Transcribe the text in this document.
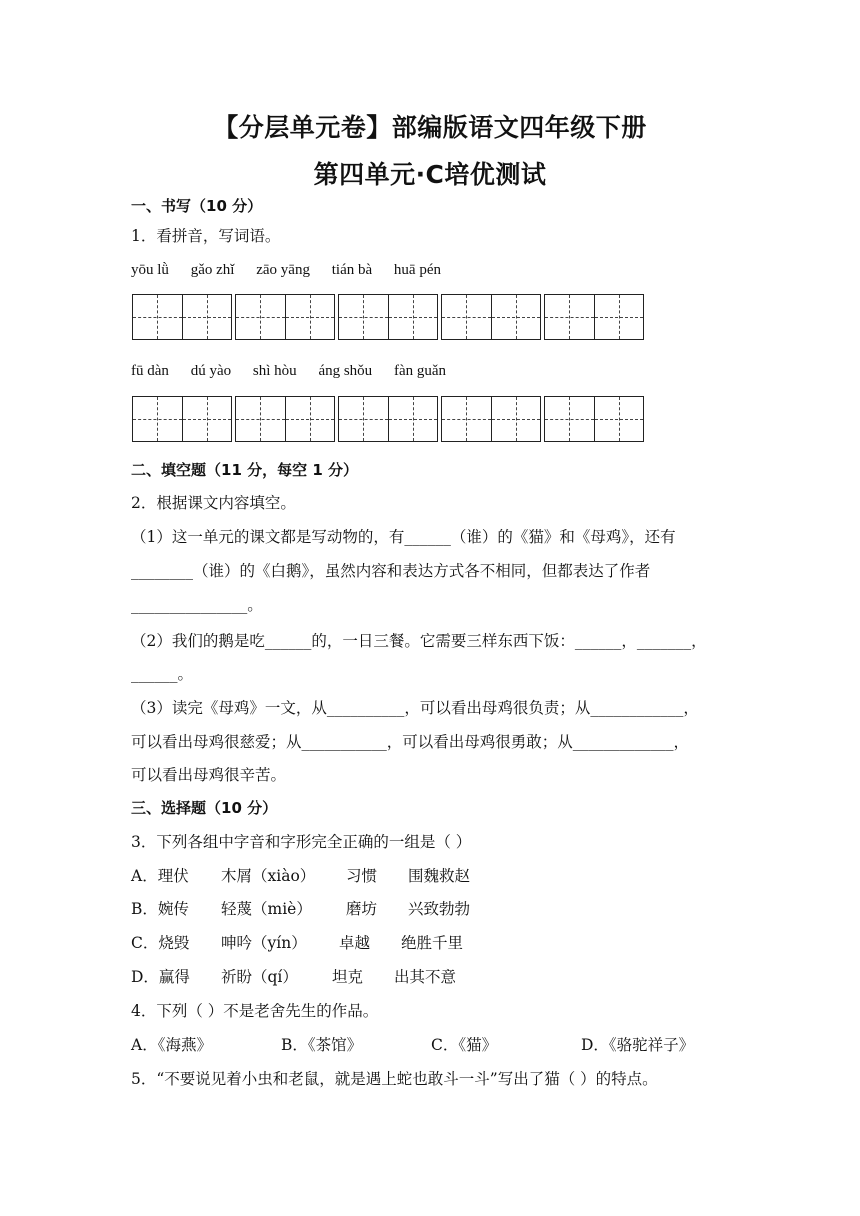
【分层单元卷】部编版语文四年级下册
第四单元·C培优测试
一、书写（10 分）
1．看拼音，写词语。
yōu lǜ gǎo zhǐ zāo yāng tián bà huā pén
fū dàn dú yào shì hòu áng shǒu fàn guǎn
二、填空题（11 分，每空 1 分）
2．根据课文内容填空。
（1）这一单元的课文都是写动物的，有______（谁）的《猫》和《母鸡》，还有
________（谁）的《白鹅》，虽然内容和表达方式各不相同，但都表达了作者
_______________。
（2）我们的鹅是吃______的，一日三餐。它需要三样东西下饭：______，_______，
______。
（3）读完《母鸡》一文，从__________，可以看出母鸡很负责；从____________，
可以看出母鸡很慈爱；从___________，可以看出母鸡很勇敢；从_____________，
可以看出母鸡很辛苦。
三、选择题（10 分）
3．下列各组中字音和字形完全正确的一组是（ ）
A．理伏	木屑（xiào）	习惯	围魏救赵
B．婉传	轻蔑（miè）	磨坊	兴致勃勃
C．烧毁	呻吟（yín）	卓越	绝胜千里
D．赢得	祈盼（qí）	坦克	出其不意
4．下列（ ）不是老舍先生的作品。
A．《海燕》	B．《茶馆》	C．《猫》	D．《骆驼祥子》
5．“不要说见着小虫和老鼠，就是遇上蛇也敢斗一斗”写出了猫（ ）的特点。
